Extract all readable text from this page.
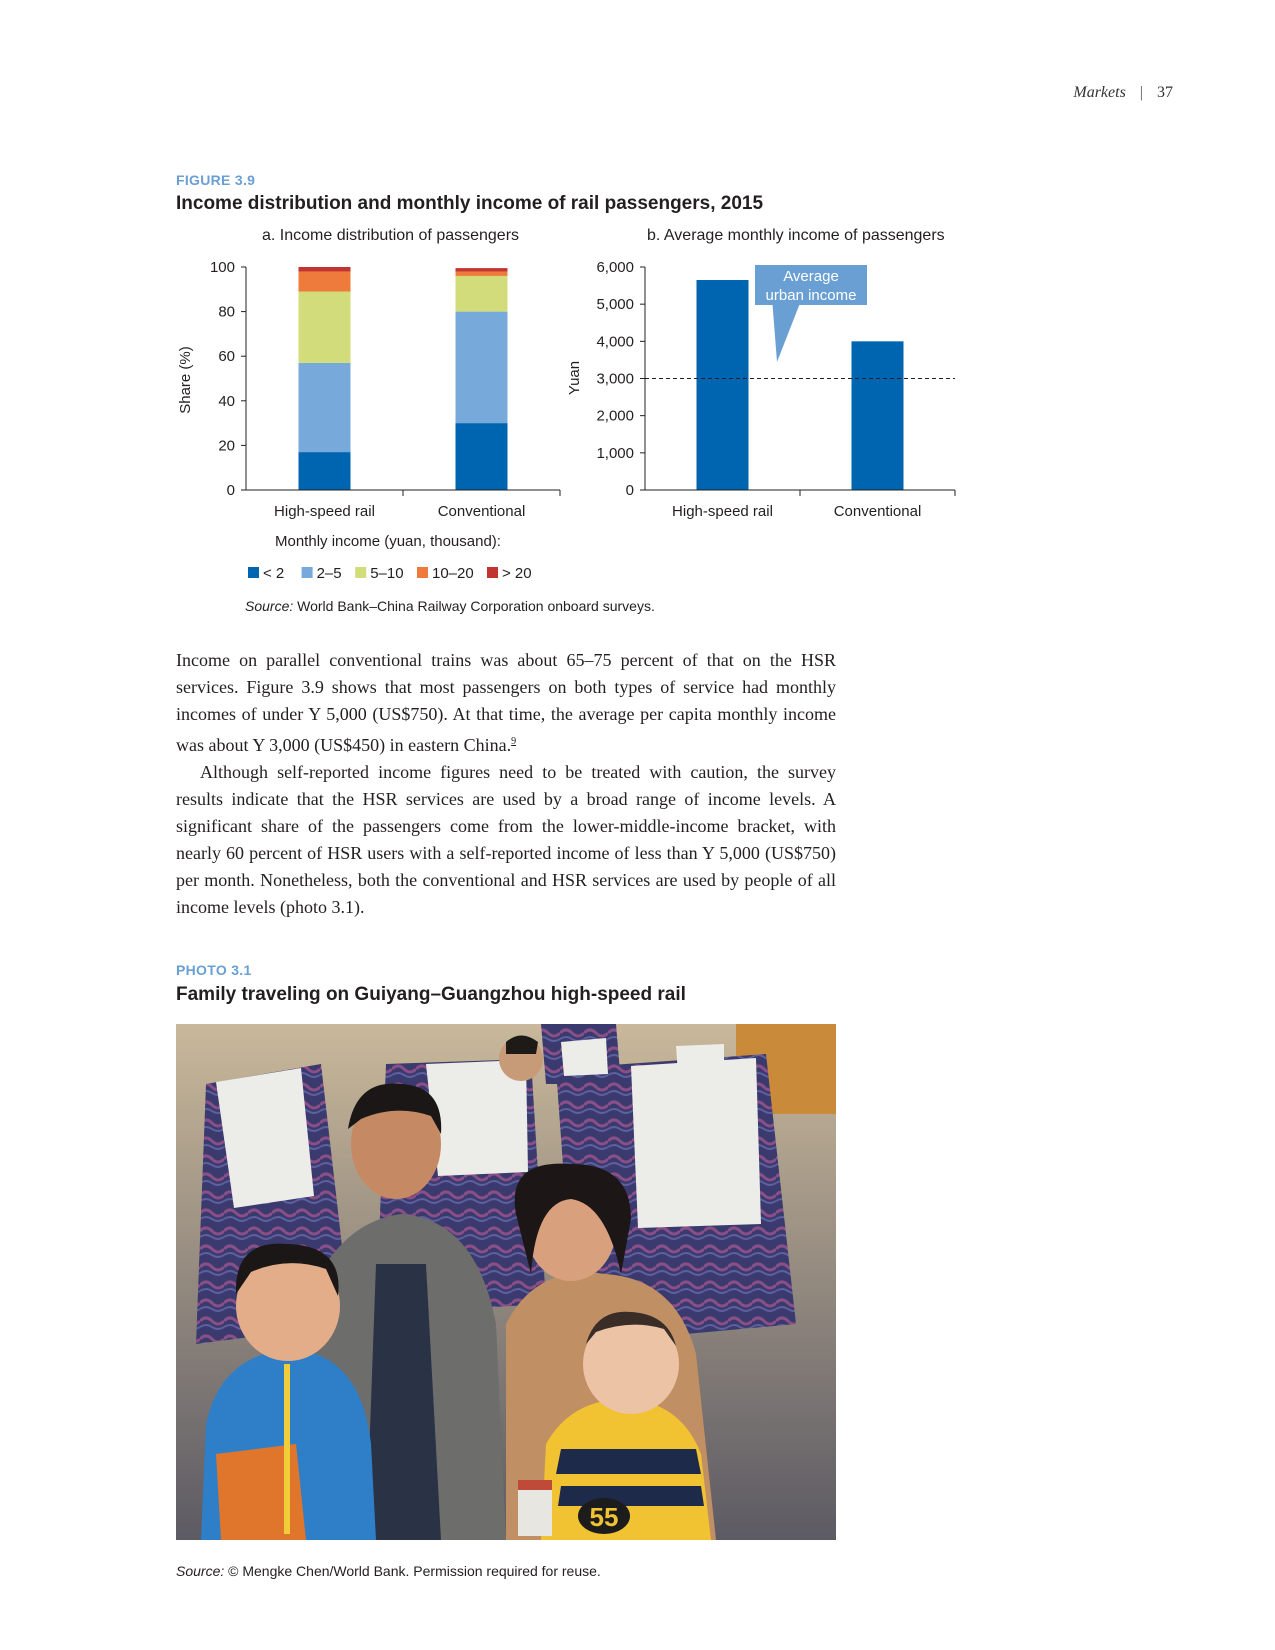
Markets | 37
FIGURE 3.9
Income distribution and monthly income of rail passengers, 2015
a. Income distribution of passengers	b. Average monthly income of passengers
Share (%)
0
20
40
60
80
100
High-speed rail	Conventional
Monthly income (yuan, thousand):
< 2 2–5 5–10 10–20 > 20
Yuan
0
1,000
2,000
3,000
4,000
5,000
6,000
Average
urban income
High-speed rail	Conventional
Source: World Bank–China Railway Corporation onboard surveys.

Income on parallel conventional trains was about 65–75 percent of that on the HSR services. Figure 3.9 shows that most passengers on both types of service had monthly incomes of under Y 5,000 (US$750). At that time, the average per capita monthly income was about Y 3,000 (US$450) in eastern China.$^9$

Although self-reported income figures need to be treated with caution, the survey results indicate that the HSR services are used by a broad range of income levels. A significant share of the passengers come from the lower-middle-income bracket, with nearly 60 percent of HSR users with a self-reported income of less than Y 5,000 (US$750) per month. Nonetheless, both the conventional and HSR services are used by people of all income levels (photo 3.1).

PHOTO 3.1
Family traveling on Guiyang–Guangzhou high-speed rail
55
Source: © Mengke Chen/World Bank. Permission required for reuse.
